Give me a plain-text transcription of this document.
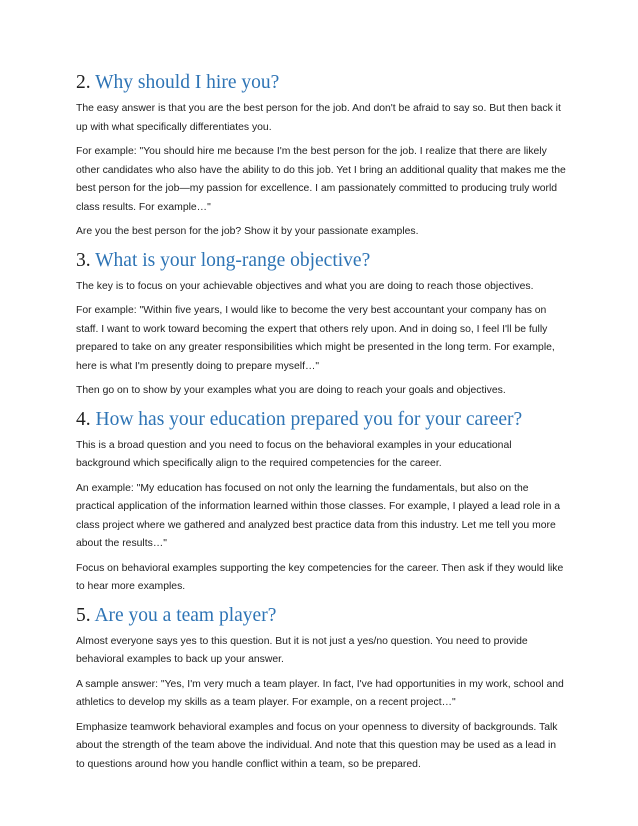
2. Why should I hire you?

The easy answer is that you are the best person for the job. And don't be afraid to say so. But then back it up with what specifically differentiates you.

For example: "You should hire me because I'm the best person for the job. I realize that there are likely other candidates who also have the ability to do this job. Yet I bring an additional quality that makes me the best person for the job—my passion for excellence. I am passionately committed to producing truly world class results. For example…"

Are you the best person for the job? Show it by your passionate examples.

3. What is your long-range objective?

The key is to focus on your achievable objectives and what you are doing to reach those objectives.

For example: "Within five years, I would like to become the very best accountant your company has on staff. I want to work toward becoming the expert that others rely upon. And in doing so, I feel I'll be fully prepared to take on any greater responsibilities which might be presented in the long term. For example, here is what I'm presently doing to prepare myself…"

Then go on to show by your examples what you are doing to reach your goals and objectives.

4. How has your education prepared you for your career?

This is a broad question and you need to focus on the behavioral examples in your educational background which specifically align to the required competencies for the career.

An example: "My education has focused on not only the learning the fundamentals, but also on the practical application of the information learned within those classes. For example, I played a lead role in a class project where we gathered and analyzed best practice data from this industry. Let me tell you more about the results…"

Focus on behavioral examples supporting the key competencies for the career. Then ask if they would like to hear more examples.

5. Are you a team player?

Almost everyone says yes to this question. But it is not just a yes/no question. You need to provide behavioral examples to back up your answer.

A sample answer: "Yes, I'm very much a team player. In fact, I've had opportunities in my work, school and athletics to develop my skills as a team player. For example, on a recent project…"

Emphasize teamwork behavioral examples and focus on your openness to diversity of backgrounds. Talk about the strength of the team above the individual. And note that this question may be used as a lead in to questions around how you handle conflict within a team, so be prepared.
